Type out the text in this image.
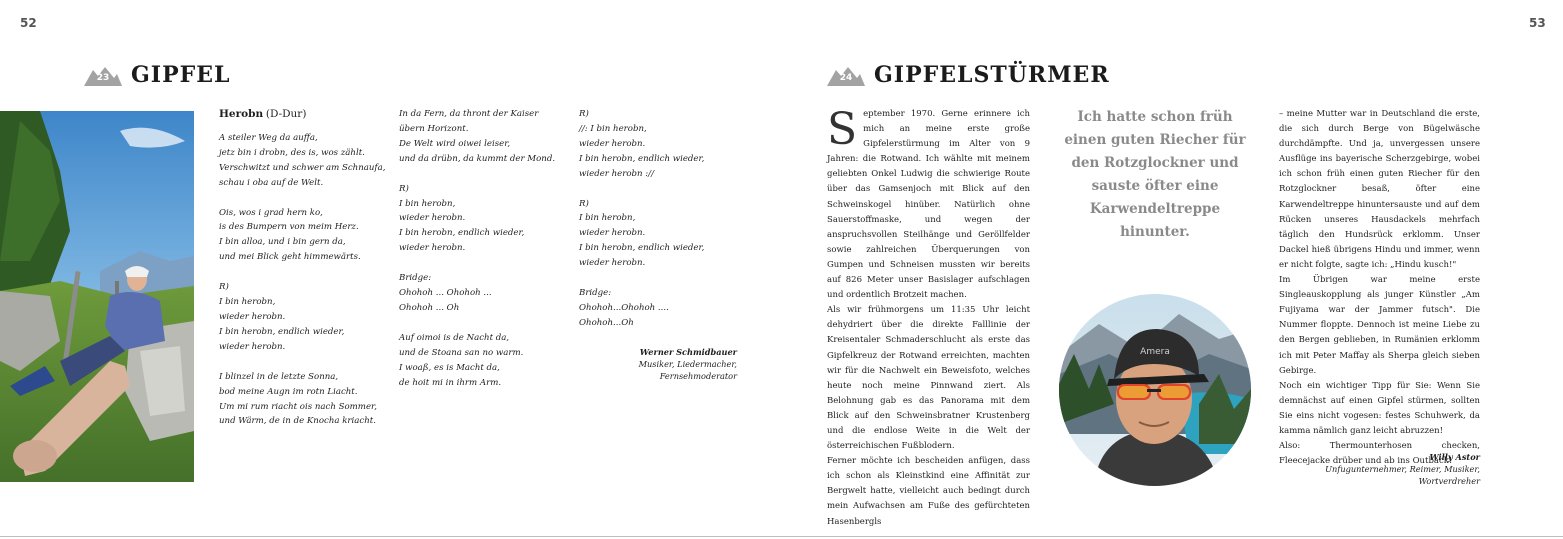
52
23 GIPFEL
Herobn (D-Dur)
A steiler Weg da auffa,
jetz bin i drobn, des is, wos zählt.
Verschwitzt und schwer am Schnaufa,
schau i oba auf de Welt.
Ois, wos i grad hern ko,
is des Bumpern von meim Herz.
I bin alloa, und i bin gern da,
und mei Blick geht himmewärts.
R)
I bin herobn,
wieder herobn.
I bin herobn, endlich wieder,
wieder herobn.
I blinzel in de letzte Sonna,
bod meine Augn im rotn Liacht.
Um mi rum riacht ois nach Sommer,
und Wärm, de in de Knocha kriacht.
In da Fern, da thront der Kaiser
übern Horizont.
De Welt wird oiwei leiser,
und da drübn, da kummt der Mond.
R)
I bin herobn,
wieder herobn.
I bin herobn, endlich wieder,
wieder herobn.
Bridge:
Ohohoh ... Ohohoh ...
Ohohoh ... Oh
Auf oimoi is de Nacht da,
und de Stoana san no warm.
I woaß, es is Macht da,
de hoit mi in ihrm Arm.
R)
//: I bin herobn,
wieder herobn.
I bin herobn, endlich wieder,
wieder herobn ://
R)
I bin herobn,
wieder herobn.
I bin herobn, endlich wieder,
wieder herobn.
Bridge:
Ohohoh...Ohohoh ....
Ohohoh...Oh
Werner Schmidbauer
Musiker, Liedermacher,
Fernsehmoderator
53
24 GIPFELSTÜRMER
S eptember 1970. Gerne erinnere ich mich an meine erste große Gipfelerstürmung im Alter von 9 Jahren: die Rotwand. Ich wählte mit meinem geliebten Onkel Ludwig die schwierige Route über das Gamsenjoch mit Blick auf den Schweinskogel hinüber. Natürlich ohne Sauerstoffmaske, und wegen der anspruchsvollen Steilhänge und Geröllfelder sowie zahlreichen Überquerungen von Gumpen und Schneisen mussten wir bereits auf 826 Meter unser Basislager aufschlagen und ordentlich Brotzeit machen.

Als wir frühmorgens um 11:35 Uhr leicht dehydriert über die direkte Falllinie der Kreisentaler Schmaderschlucht als erste das Gipfelkreuz der Rotwand erreichten, machten wir für die Nachwelt ein Beweisfoto, welches heute noch meine Pinnwand ziert. Als Belohnung gab es das Panorama mit dem Blick auf den Schweinsbratner Krustenberg und die endlose Weite in die Welt der österreichischen Fußblodern.

Ferner möchte ich bescheiden anfügen, dass ich schon als Kleinstkind eine Affinität zur Bergwelt hatte, vielleicht auch bedingt durch mein Aufwachsen am Fuße des gefürchteten Hasenbergls

Ich hatte schon früh einen guten Riecher für den Rotzglockner und sauste öfter eine Karwendeltreppe hinunter.
Amera

– meine Mutter war in Deutschland die erste, die sich durch Berge von Bügelwäsche durchdämpfte. Und ja, unvergessen unsere Ausflüge ins bayerische Scherzgebirge, wobei ich schon früh einen guten Riecher für den Rotzglockner besaß, öfter eine Karwendeltreppe hinuntersauste und auf dem Rücken unseres Hausdackels mehrfach täglich den Hundsrück erklomm. Unser Dackel hieß übrigens Hindu und immer, wenn er nicht folgte, sagte ich: „Hindu kusch!"

Im Übrigen war meine erste Singleauskopplung als junger Künstler „Am Fujiyama war der Jammer futsch". Die Nummer floppte. Dennoch ist meine Liebe zu den Bergen geblieben, in Rumänien erklomm ich mit Peter Maffay als Sherpa gleich sieben Gebirge.

Noch ein wichtiger Tipp für Sie: Wenn Sie demnächst auf einen Gipfel stürmen, sollten Sie eins nicht vogesen: festes Schuhwerk, da kamma nämlich ganz leicht abruzzen!

Also: Thermounterhosen checken, Fleecejacke drüber und ab ins Outback!

Willy Astor
Unfugunternehmer, Reimer, Musiker, Wortverdreher
